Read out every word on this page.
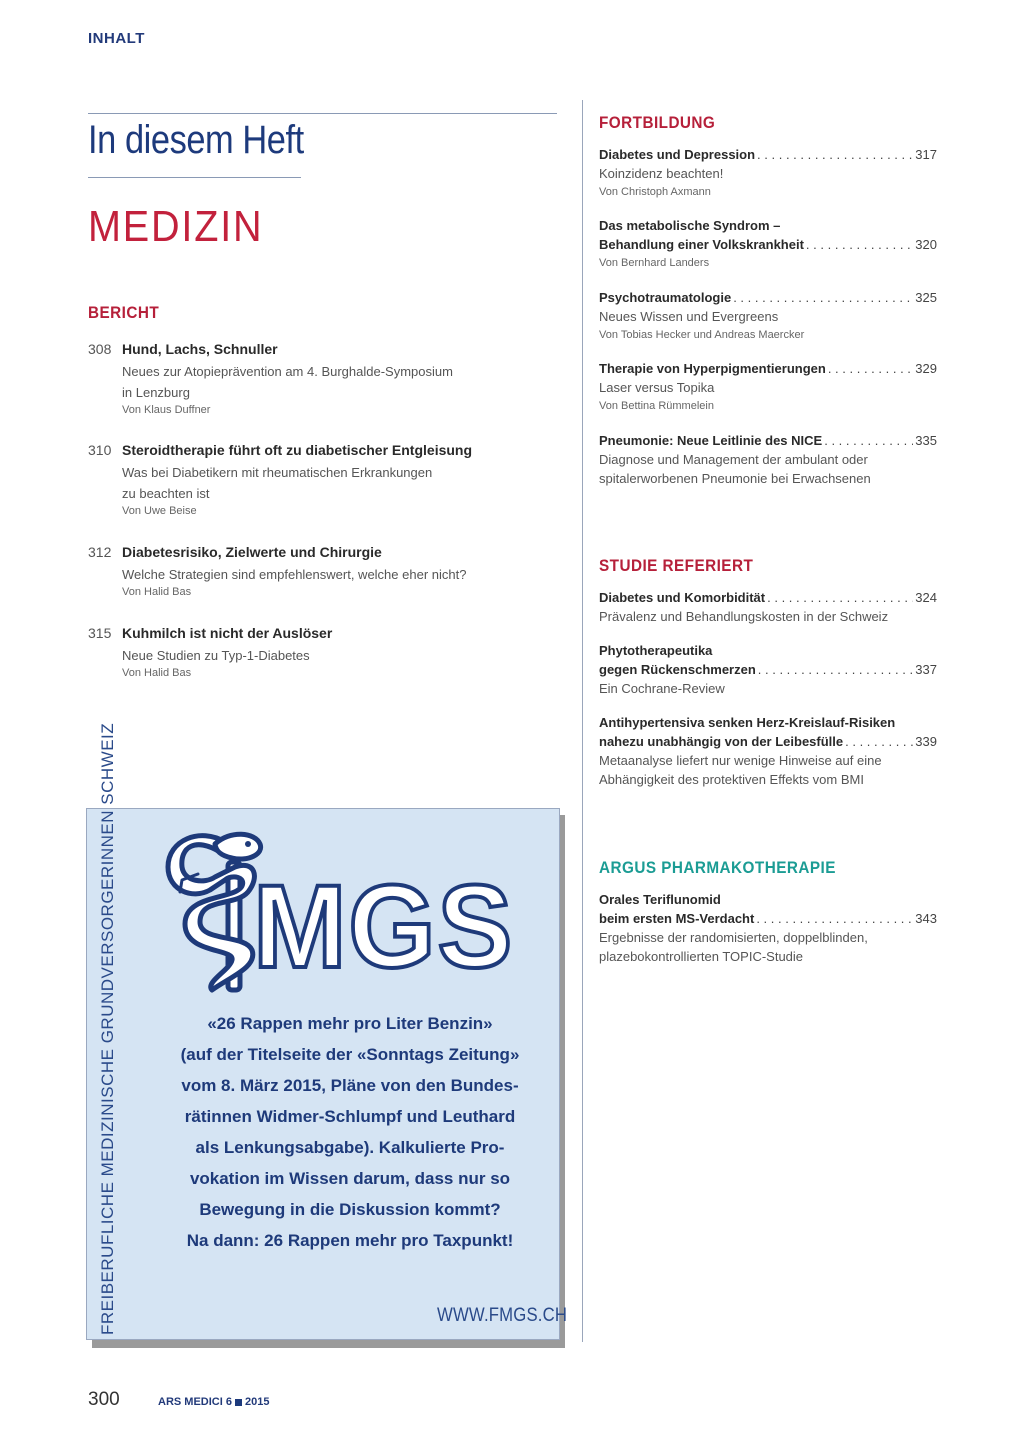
INHALT
In diesem Heft
MEDIZIN
BERICHT
308 Hund, Lachs, Schnuller
Neues zur Atopieprävention am 4. Burghalde-Symposium
in Lenzburg
Von Klaus Duffner
310 Steroidtherapie führt oft zu diabetischer Entgleisung
Was bei Diabetikern mit rheumatischen Erkrankungen
zu beachten ist
Von Uwe Beise
312 Diabetesrisiko, Zielwerte und Chirurgie
Welche Strategien sind empfehlenswert, welche eher nicht?
Von Halid Bas
315 Kuhmilch ist nicht der Auslöser
Neue Studien zu Typ-1-Diabetes
Von Halid Bas
FORTBILDUNG
Diabetes und Depression . . .	317
Koinzidenz beachten!
Von Christoph Axmann
Das metabolische Syndrom –
Behandlung einer Volkskrankheit . . .	320
Von Bernhard Landers
Psychotraumatologie . . .	325
Neues Wissen und Evergreens
Von Tobias Hecker und Andreas Maercker
Therapie von Hyperpigmentierungen . . .	329
Laser versus Topika
Von Bettina Rümmelein
Pneumonie: Neue Leitlinie des NICE . . .	335
Diagnose und Management der ambulant oder
spitalerworbenen Pneumonie bei Erwachsenen
STUDIE REFERIERT
Diabetes und Komorbidität . . .	324
Prävalenz und Behandlungskosten in der Schweiz
Phytotherapeutika
gegen Rückenschmerzen . . .	337
Ein Cochrane-Review
Antihypertensiva senken Herz-Kreislauf-Risiken
nahezu unabhängig von der Leibesfülle . . .	339
Metaanalyse liefert nur wenige Hinweise auf eine
Abhängigkeit des protektiven Effekts vom BMI
ARGUS PHARMAKOTHERAPIE
Orales Teriflunomid
beim ersten MS-Verdacht . . .	343
Ergebnisse der randomisierten, doppelblinden,
plazebokontrollierten TOPIC-Studie
FREIBERUFLICHE MEDIZINISCHE GRUNDVERSORGERINNEN SCHWEIZ MGS
«26 Rappen mehr pro Liter Benzin»
(auf der Titelseite der «Sonntags Zeitung»
vom 8. März 2015, Pläne von den Bundes-
rätinnen Widmer-Schlumpf und Leuthard
als Lenkungsabgabe). Kalkulierte Pro-
vokation im Wissen darum, dass nur so
Bewegung in die Diskussion kommt?
Na dann: 26 Rappen mehr pro Taxpunkt!
WWW.FMGS.CH
300	ARS MEDICI 6 2015
